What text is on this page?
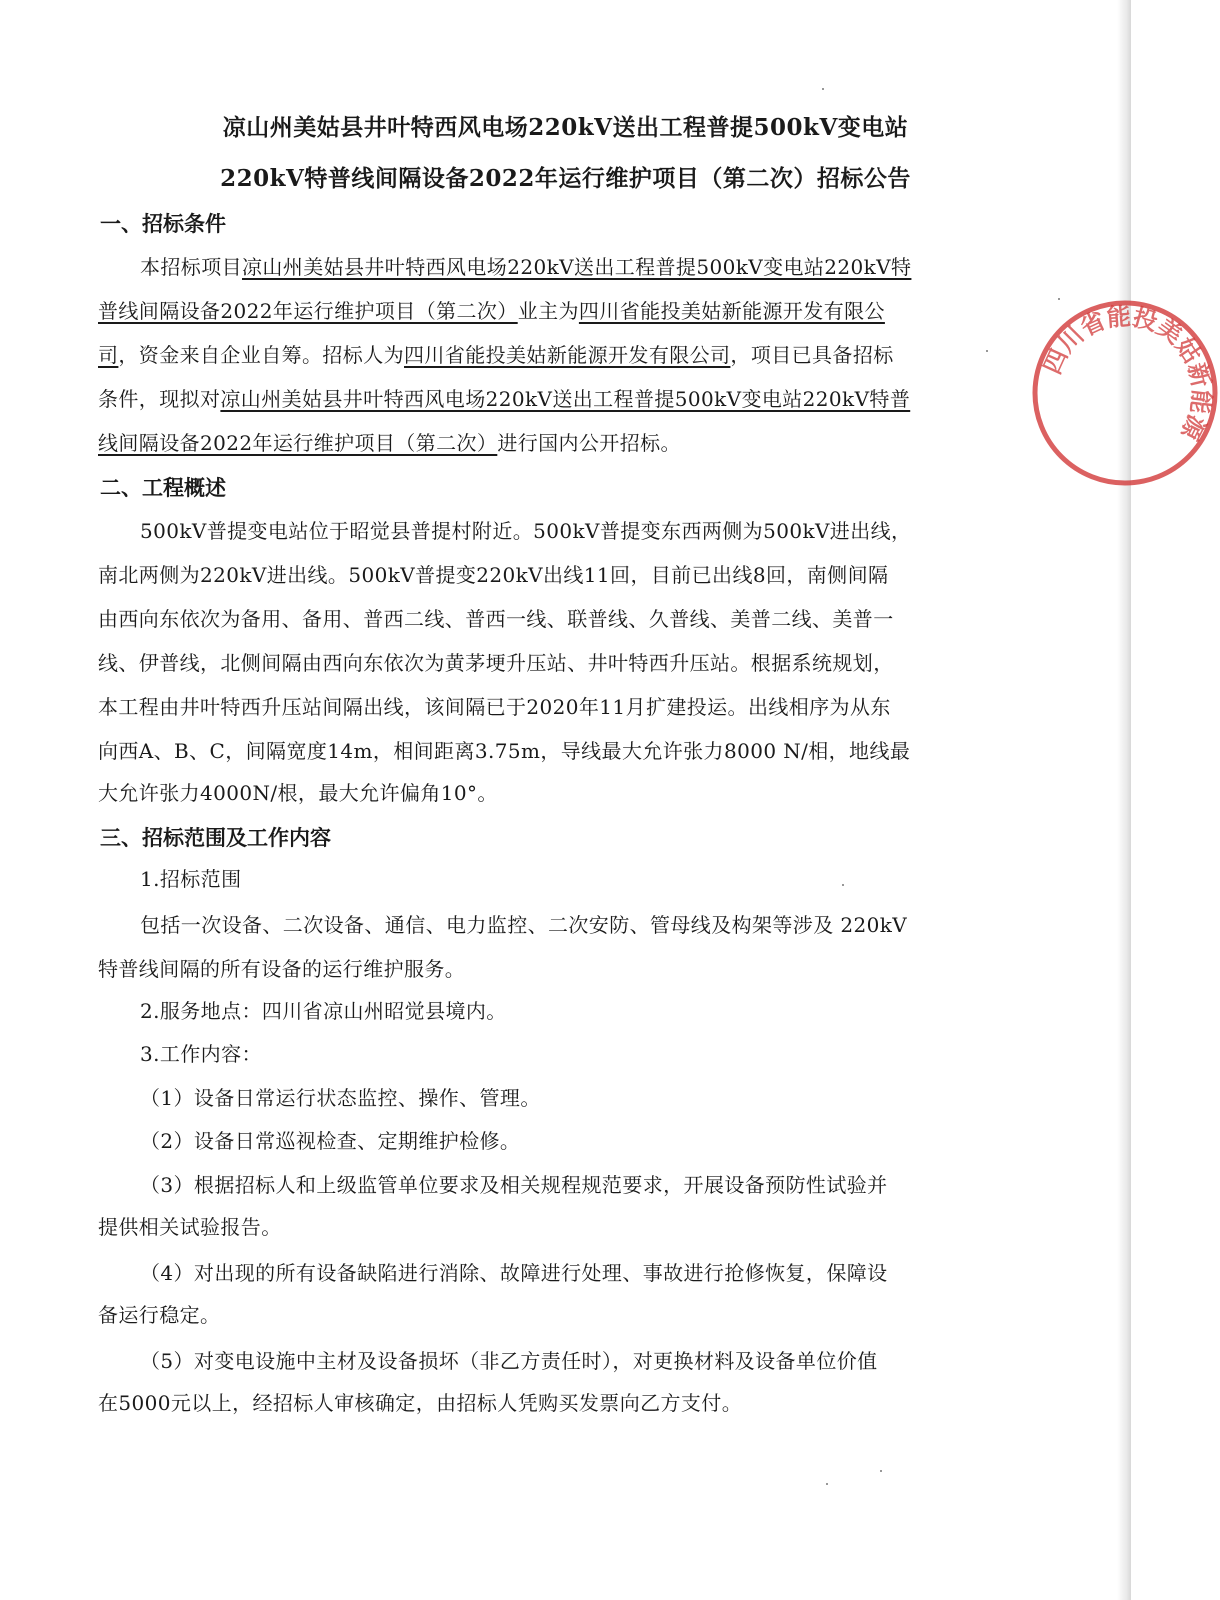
凉山州美姑县井叶特西风电场220kV送出工程普提500kV变电站
220kV特普线间隔设备2022年运行维护项目（第二次）招标公告
一、招标条件
本招标项目凉山州美姑县井叶特西风电场220kV送出工程普提500kV变电站220kV特
普线间隔设备2022年运行维护项目（第二次）业主为四川省能投美姑新能源开发有限公
司，资金来自企业自筹。招标人为四川省能投美姑新能源开发有限公司，项目已具备招标
条件，现拟对凉山州美姑县井叶特西风电场220kV送出工程普提500kV变电站220kV特普
线间隔设备2022年运行维护项目（第二次）进行国内公开招标。
二、工程概述
500kV普提变电站位于昭觉县普提村附近。500kV普提变东西两侧为500kV进出线，
南北两侧为220kV进出线。500kV普提变220kV出线11回，目前已出线8回，南侧间隔
由西向东依次为备用、备用、普西二线、普西一线、联普线、久普线、美普二线、美普一
线、伊普线，北侧间隔由西向东依次为黄茅埂升压站、井叶特西升压站。根据系统规划，
本工程由井叶特西升压站间隔出线，该间隔已于2020年11月扩建投运。出线相序为从东
向西A、B、C，间隔宽度14m，相间距离3.75m，导线最大允许张力8000 N/相，地线最
大允许张力4000N/根，最大允许偏角10°。
三、招标范围及工作内容
1.招标范围
包括一次设备、二次设备、通信、电力监控、二次安防、管母线及构架等涉及 220kV
特普线间隔的所有设备的运行维护服务。
2.服务地点：四川省凉山州昭觉县境内。
3.工作内容：
（1）设备日常运行状态监控、操作、管理。
（2）设备日常巡视检查、定期维护检修。
（3）根据招标人和上级监管单位要求及相关规程规范要求，开展设备预防性试验并
提供相关试验报告。
（4）对出现的所有设备缺陷进行消除、故障进行处理、事故进行抢修恢复，保障设
备运行稳定。
（5）对变电设施中主材及设备损坏（非乙方责任时），对更换材料及设备单位价值
在5000元以上，经招标人审核确定，由招标人凭购买发票向乙方支付。
四川省能投美姑新能源
